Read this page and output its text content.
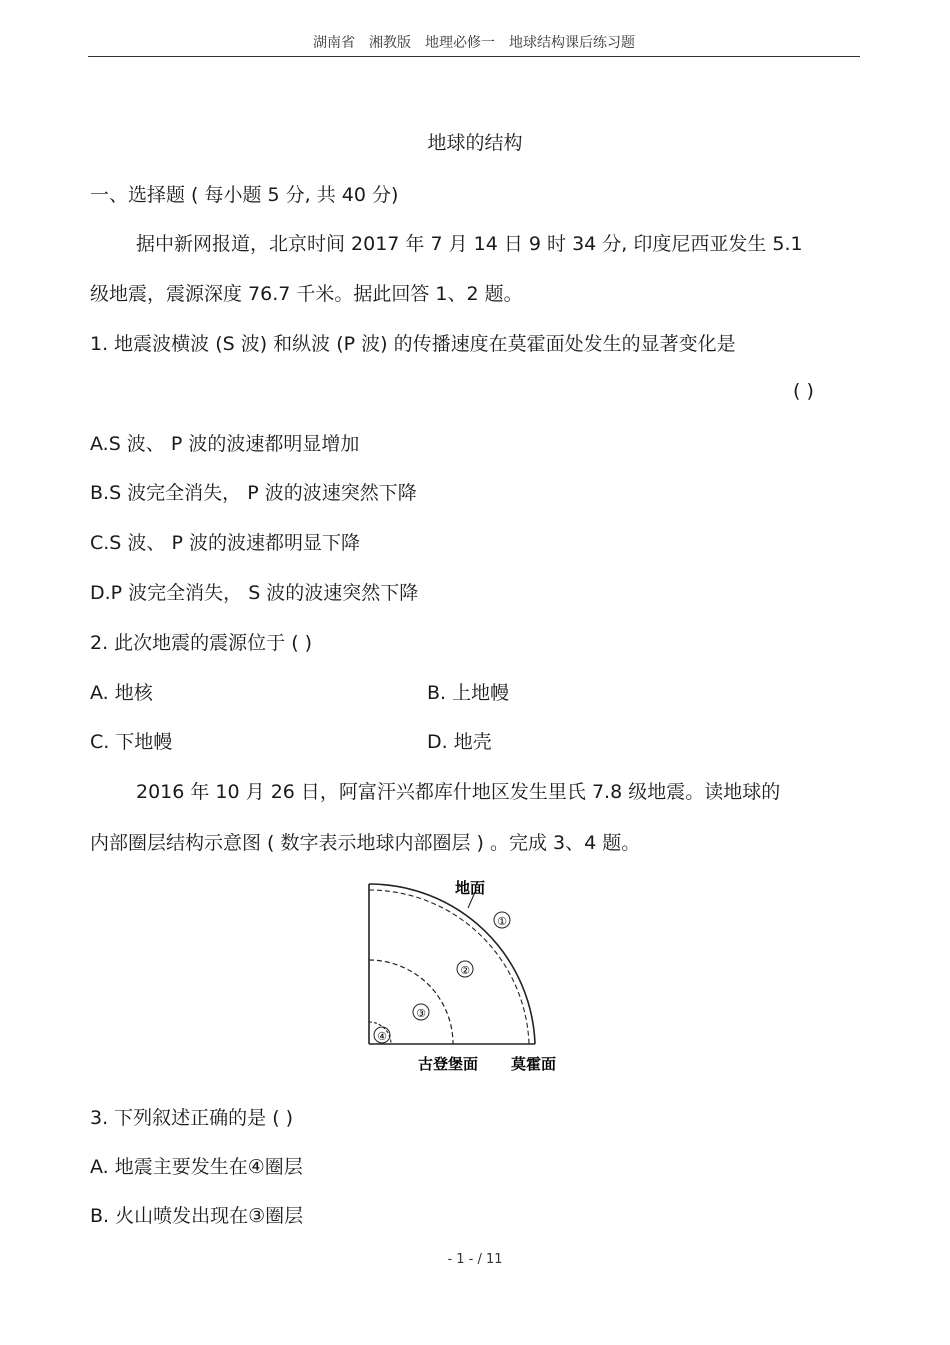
湖南省　湘教版　地理必修一　地球结构课后练习题
地球的结构
一、选择题 ( 每小题 5 分, 共 40 分)
据中新网报道，北京时间 2017 年 7 月 14 日 9 时 34 分, 印度尼西亚发生 5.1
级地震，震源深度 76.7 千米。据此回答 1、2 题。
1. 地震波横波 (S 波) 和纵波 (P 波) 的传播速度在莫霍面处发生的显著变化是
( )
A.S 波、 P 波的波速都明显增加
B.S 波完全消失， P 波的波速突然下降
C.S 波、 P 波的波速都明显下降
D.P 波完全消失， S 波的波速突然下降
2. 此次地震的震源位于 ( )
A. 地核	B. 上地幔
C. 下地幔	D. 地壳
2016 年 10 月 26 日，阿富汗兴都库什地区发生里氏 7.8 级地震。读地球的
内部圈层结构示意图 ( 数字表示地球内部圈层 ) 。完成 3、4 题。
①
②
③
④
地面
古登堡面 莫霍面
3. 下列叙述正确的是 ( )
A. 地震主要发生在④圈层
B. 火山喷发出现在③圈层
- 1 - / 11
